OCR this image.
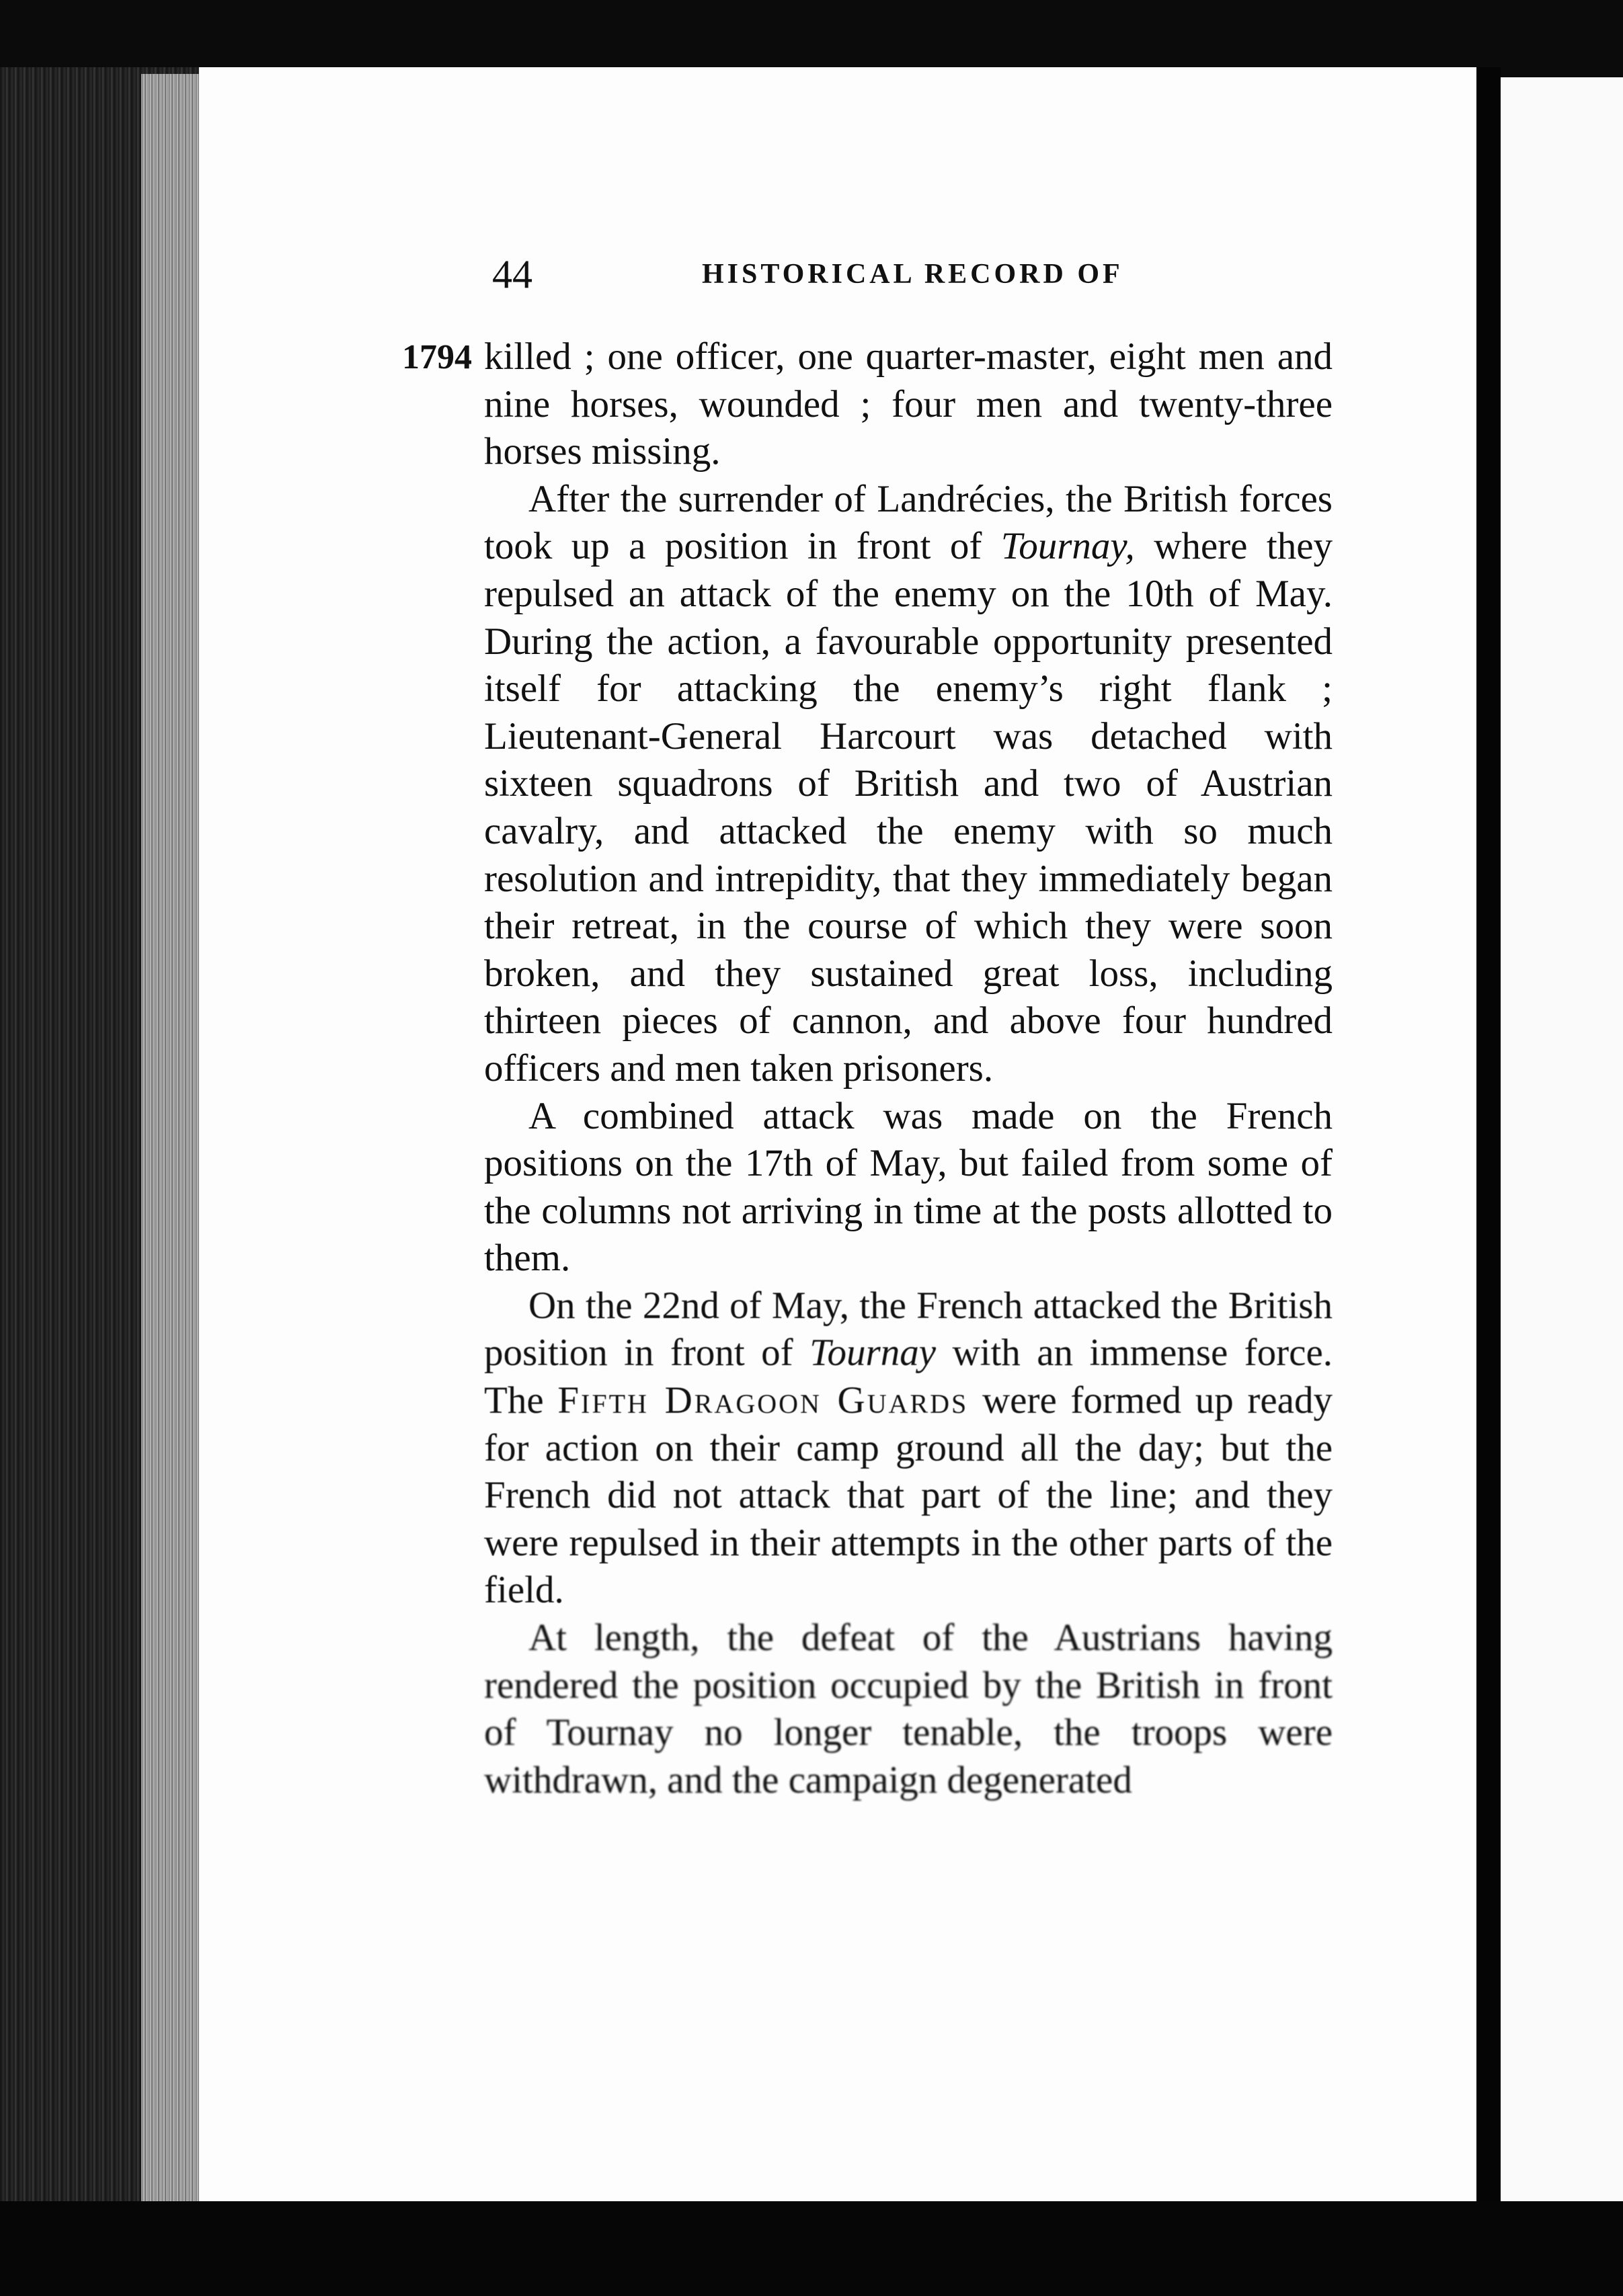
44	HISTORICAL RECORD OF
1794 killed ; one officer, one quarter-master, eight men and nine horses, wounded ; four men and twenty-three horses missing.

After the surrender of Landrécies, the British forces took up a position in front of Tournay, where they repulsed an attack of the enemy on the 10th of May. During the action, a favourable opportunity presented itself for attacking the enemy’s right flank ; Lieutenant-General Harcourt was detached with sixteen squadrons of British and two of Austrian cavalry, and attacked the enemy with so much resolution and intrepidity, that they immediately began their retreat, in the course of which they were soon broken, and they sustained great loss, including thirteen pieces of cannon, and above four hundred officers and men taken prisoners.

A combined attack was made on the French positions on the 17th of May, but failed from some of the columns not arriving in time at the posts allotted to them.

On the 22nd of May, the French attacked the British position in front of Tournay with an immense force. The Fifth Dragoon Guards were formed up ready for action on their camp ground all the day; but the French did not attack that part of the line; and they were repulsed in their attempts in the other parts of the field.

At length, the defeat of the Austrians having rendered the position occupied by the British in front of Tournay no longer tenable, the troops were withdrawn, and the campaign degenerated
